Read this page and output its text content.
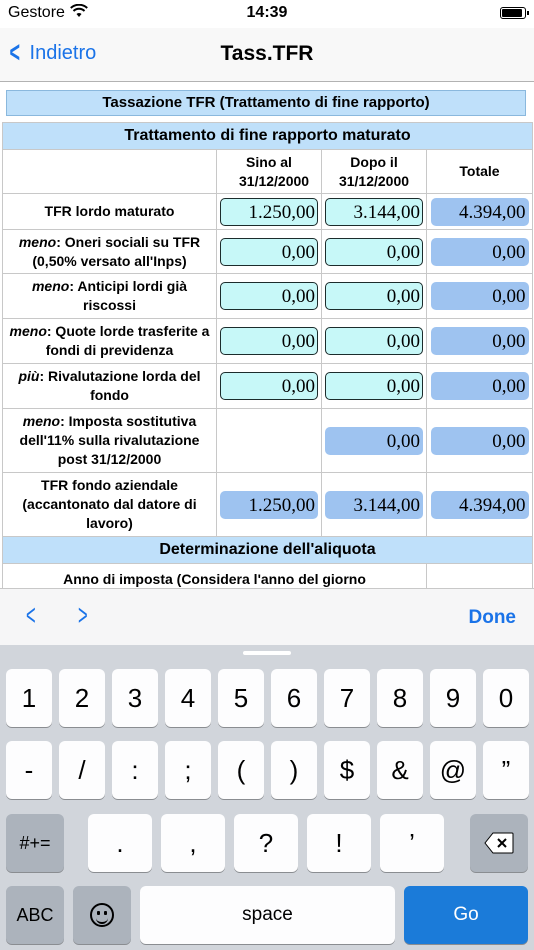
Gestore	14:39
< Indietro	Tass.TFR
Tassazione TFR (Trattamento di fine rapporto)
Trattamento di fine rapporto maturato			
	Sino al 31/12/2000	Dopo il 31/12/2000	Totale
TFR lordo maturato	1.250,00	3.144,00	4.394,00

meno: Oneri sociali su TFR (0,50% versato all'Inps)	0,00	0,00	0,00

meno: Anticipi lordi già riscossi	0,00	0,00	0,00

meno: Quote lorde trasferite a fondi di previdenza	0,00	0,00	0,00

più: Rivalutazione lorda del fondo	0,00	0,00	0,00

meno: Imposta sostitutiva dell'11% sulla rivalutazione post 31/12/2000		0,00	0,00

TFR fondo aziendale (accantonato dal datore di lavoro)	1.250,00	3.144,00	4.394,00

Determinazione dell'aliquota			
Anno di imposta (Considera l'anno del giorno			
< >	Done
1	2	3	4	5	6	7	8	9	0
-	/	:	;	(	)	$	&	@	”
#+=	.	,	?	!	’
ABC	space	Go
